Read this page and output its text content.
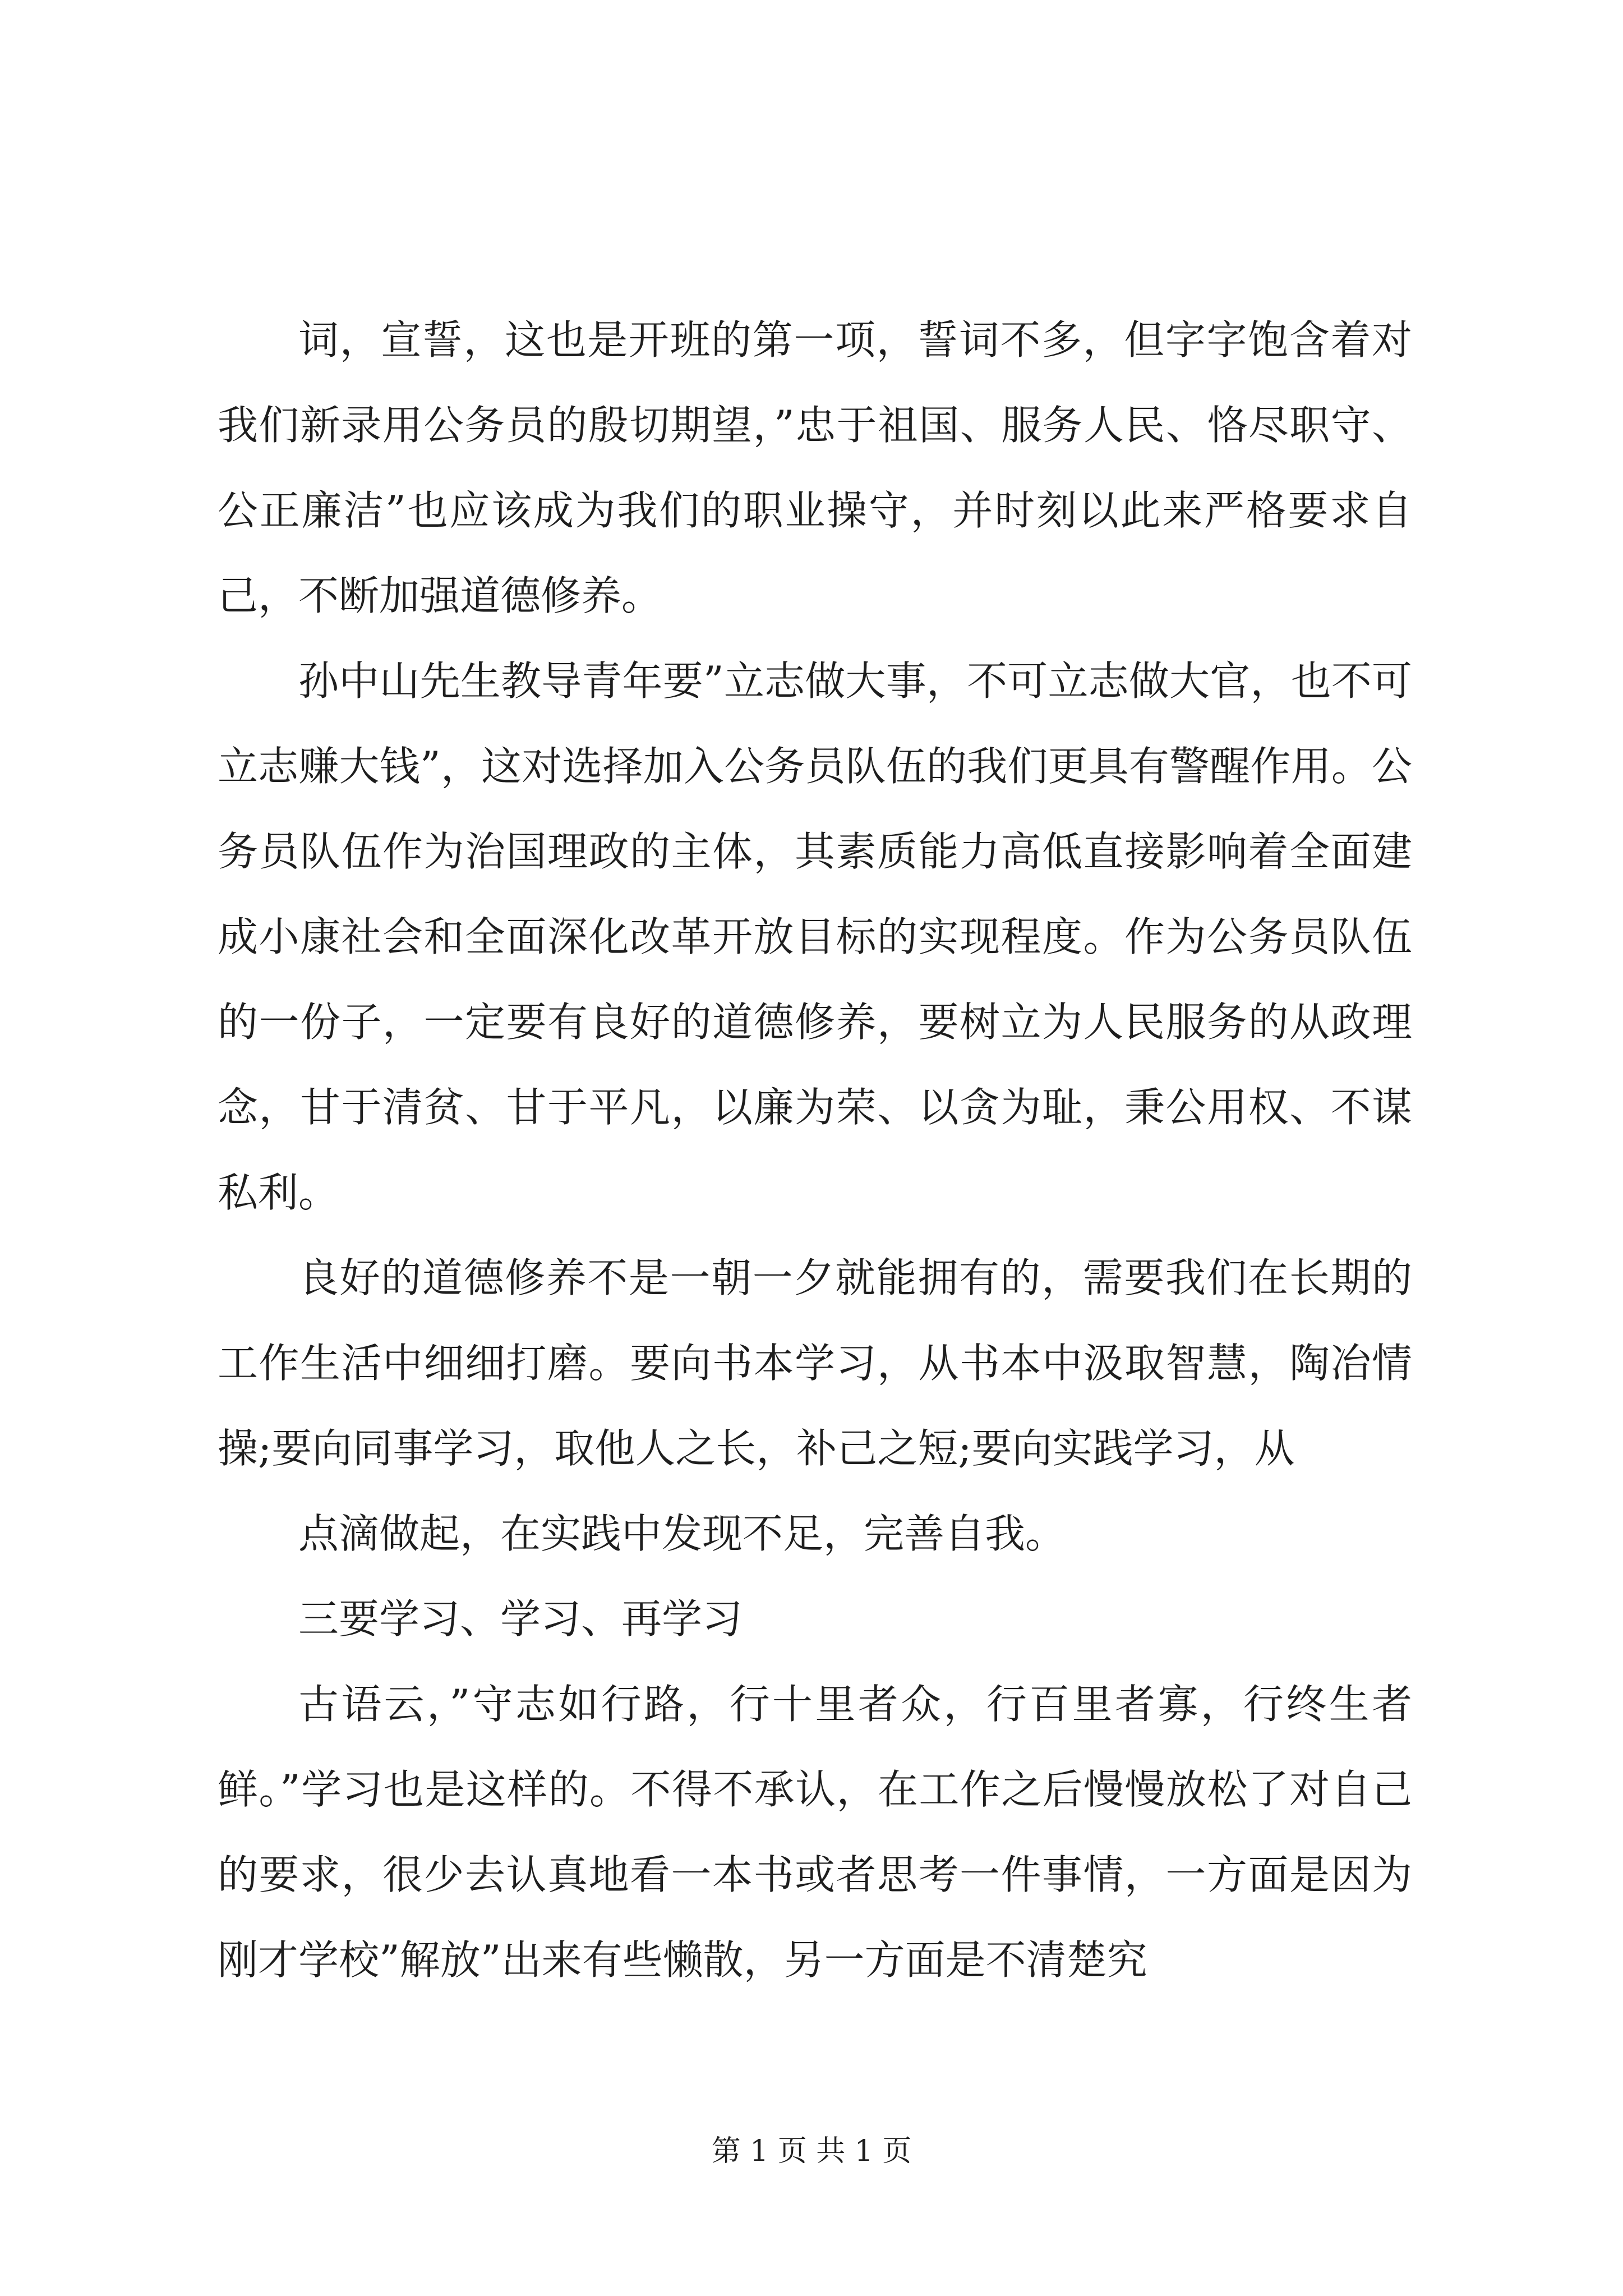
词，宣誓，这也是开班的第一项，誓词不多，但字字饱含着对我们新录用公务员的殷切期望，”忠于祖国、服务人民、恪尽职守、公正廉洁”也应该成为我们的职业操守，并时刻以此来严格要求自己，不断加强道德修养。

孙中山先生教导青年要”立志做大事，不可立志做大官，也不可立志赚大钱”，这对选择加入公务员队伍的我们更具有警醒作用。公务员队伍作为治国理政的主体，其素质能力高低直接影响着全面建成小康社会和全面深化改革开放目标的实现程度。作为公务员队伍的一份子，一定要有良好的道德修养，要树立为人民服务的从政理念，甘于清贫、甘于平凡，以廉为荣、以贪为耻，秉公用权、不谋私利。

良好的道德修养不是一朝一夕就能拥有的，需要我们在长期的工作生活中细细打磨。要向书本学习，从书本中汲取智慧，陶冶情操;要向同事学习，取他人之长，补己之短;要向实践学习，从

点滴做起，在实践中发现不足，完善自我。

三要学习、学习、再学习

古语云，”守志如行路，行十里者众，行百里者寡，行终生者鲜。”学习也是这样的。不得不承认，在工作之后慢慢放松了对自己的要求，很少去认真地看一本书或者思考一件事情，一方面是因为刚才学校”解放”出来有些懒散，另一方面是不清楚究

第 1 页 共 1 页
